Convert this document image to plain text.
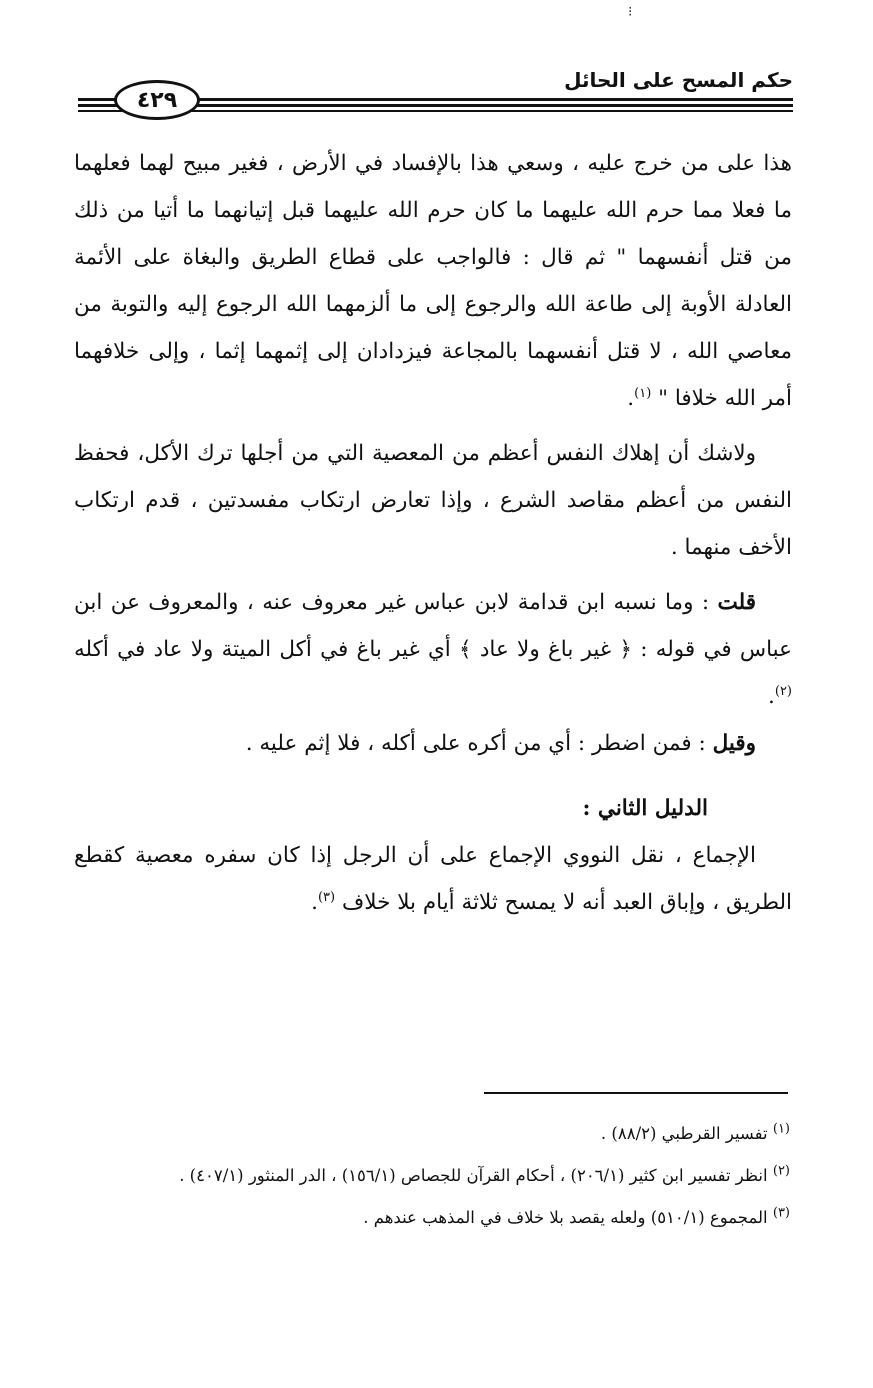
⁝
حكم المسح على الحائل
٤٢٩

هذا على من خرج عليه ، وسعي هذا بالإفساد في الأرض ، فغير مبيح لهما فعلهما ما فعلا مما حرم الله عليهما ما كان حرم الله عليهما قبل إتيانهما ما أتيا من ذلك من قتل أنفسهما " ثم قال : فالواجب على قطاع الطريق والبغاة على الأئمة العادلة الأوبة إلى طاعة الله والرجوع إلى ما ألزمهما الله الرجوع إليه والتوبة من معاصي الله ، لا قتل أنفسهما بالمجاعة فيزدادان إلى إثمهما إثما ، وإلى خلافهما أمر الله خلافا " $^{(١)}$.

ولاشك أن إهلاك النفس أعظم من المعصية التي من أجلها ترك الأكل، فحفظ النفس من أعظم مقاصد الشرع ، وإذا تعارض ارتكاب مفسدتين ، قدم ارتكاب الأخف منهما .

قلت : وما نسبه ابن قدامة لابن عباس غير معروف عنه ، والمعروف عن ابن عباس في قوله : ﴿ غير باغ ولا عاد ﴾ أي غير باغ في أكل الميتة ولا عاد في أكله $^{(٢)}$.

وقيل : فمن اضطر : أي من أكره على أكله ، فلا إثم عليه .

الدليل الثاني :

الإجماع ، نقل النووي الإجماع على أن الرجل إذا كان سفره معصية كقطع الطريق ، وإباق العبد أنه لا يمسح ثلاثة أيام بلا خلاف $^{(٣)}$.

$^{(١)}$ تفسير القرطبي (٨٨/٢) .

$^{(٢)}$ انظر تفسير ابن كثير (٢٠٦/١) ، أحكام القرآن للجصاص (١٥٦/١) ، الدر المنثور (٤٠٧/١) .

$^{(٣)}$ المجموع (٥١٠/١) ولعله يقصد بلا خلاف في المذهب عندهم .
